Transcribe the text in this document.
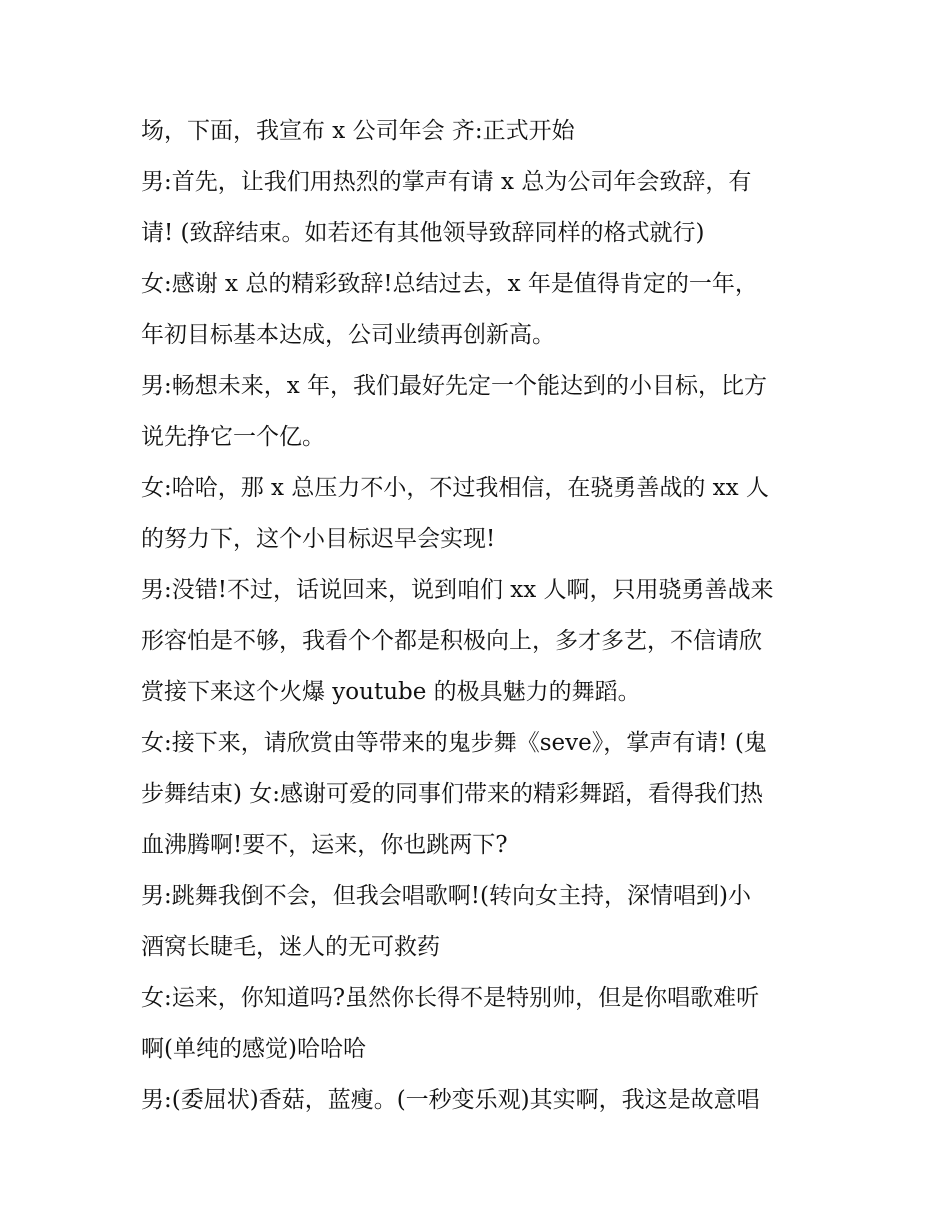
场，下面，我宣布 x 公司年会 齐:正式开始
男:首先，让我们用热烈的掌声有请 x 总为公司年会致辞，有
请! (致辞结束。如若还有其他领导致辞同样的格式就行)
女:感谢 x 总的精彩致辞!总结过去，x 年是值得肯定的一年，
年初目标基本达成，公司业绩再创新高。
男:畅想未来，x 年，我们最好先定一个能达到的小目标，比方
说先挣它一个亿。
女:哈哈，那 x 总压力不小，不过我相信，在骁勇善战的 xx 人
的努力下，这个小目标迟早会实现!
男:没错!不过，话说回来，说到咱们 xx 人啊，只用骁勇善战来
形容怕是不够，我看个个都是积极向上，多才多艺，不信请欣
赏接下来这个火爆 youtube 的极具魅力的舞蹈。
女:接下来，请欣赏由等带来的鬼步舞《seve》，掌声有请! (鬼
步舞结束) 女:感谢可爱的同事们带来的精彩舞蹈，看得我们热
血沸腾啊!要不，运来，你也跳两下?
男:跳舞我倒不会，但我会唱歌啊!(转向女主持，深情唱到)小
酒窝长睫毛，迷人的无可救药
女:运来，你知道吗?虽然你长得不是特别帅，但是你唱歌难听
啊(单纯的感觉)哈哈哈
男:(委屈状)香菇，蓝瘦。(一秒变乐观)其实啊，我这是故意唱
